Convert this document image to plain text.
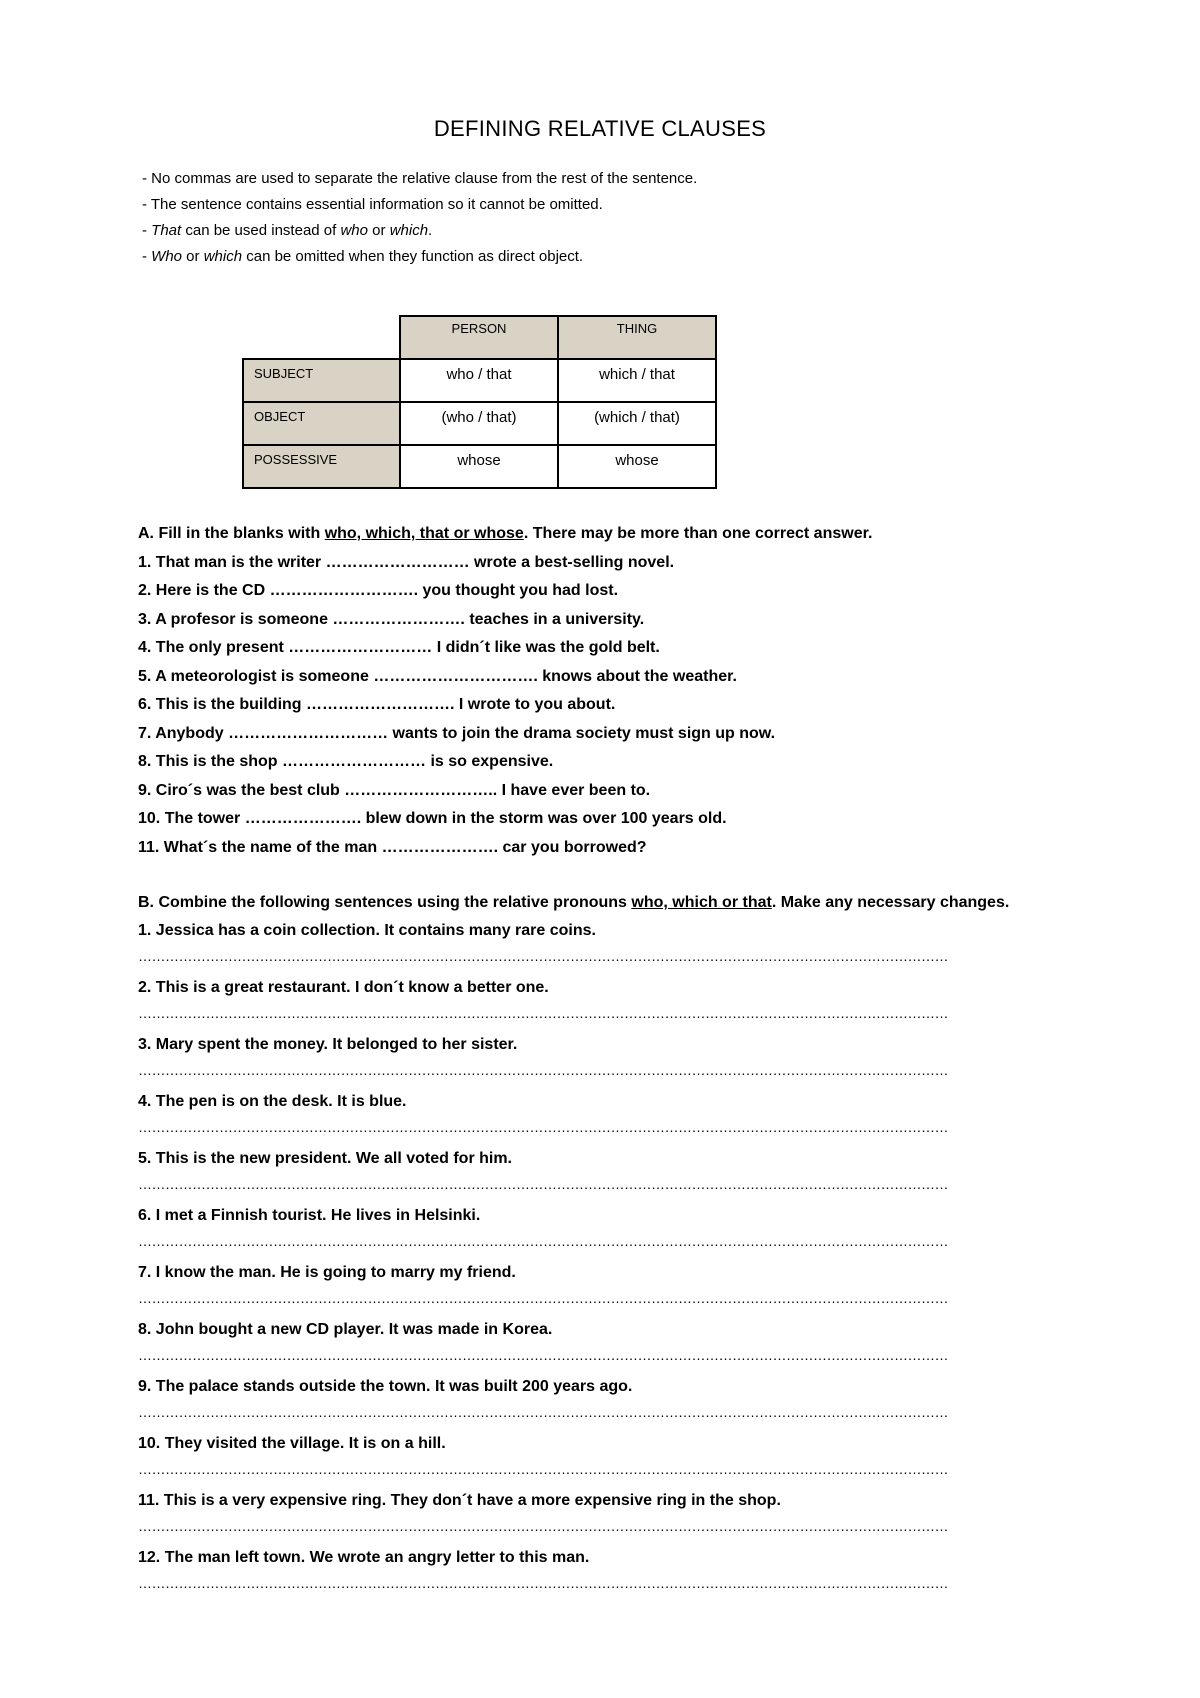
DEFINING RELATIVE CLAUSES
- No commas are used to separate the relative clause from the rest of the sentence.
- The sentence contains essential information so it cannot be omitted.
- That can be used instead of who or which.
- Who or which can be omitted when they function as direct object.
	PERSON	THING
SUBJECT	who / that	which / that
OBJECT	(who / that)	(which / that)
POSSESSIVE	whose	whose
A. Fill in the blanks with who, which, that or whose. There may be more than one correct answer.
1. That man is the writer ……………………… wrote a best-selling novel.
2. Here is the CD ………………………. you thought you had lost.
3. A profesor is someone ……………………. teaches in a university.
4. The only present ……………………… I didn´t like was the gold belt.
5. A meteorologist is someone …………………………. knows about the weather.
6. This is the building ………………………. I wrote to you about.
7. Anybody ………………………… wants to join the drama society must sign up now.
8. This is the shop ……………………… is so expensive.
9. Ciro´s was the best club ……………………….. I have ever been to.
10. The tower …………………. blew down in the storm was over 100 years old.
11. What´s the name of the man …………………. car you borrowed?
B. Combine the following sentences using the relative pronouns who, which or that. Make any necessary changes.
1. Jessica has a coin collection. It contains many rare coins.
………………………………………………………………………………………………………………………………………………………………
2. This is a great restaurant. I don´t know a better one.
………………………………………………………………………………………………………………………………………………………………
3. Mary spent the money. It belonged to her sister.
………………………………………………………………………………………………………………………………………………………………
4. The pen is on the desk. It is blue.
………………………………………………………………………………………………………………………………………………………………
5. This is the new president. We all voted for him.
………………………………………………………………………………………………………………………………………………………………
6. I met a Finnish tourist. He lives in Helsinki.
………………………………………………………………………………………………………………………………………………………………
7. I know the man. He is going to marry my friend.
………………………………………………………………………………………………………………………………………………………………
8. John bought a new CD player. It was made in Korea.
………………………………………………………………………………………………………………………………………………………………
9. The palace stands outside the town. It was built 200 years ago.
………………………………………………………………………………………………………………………………………………………………
10. They visited the village. It is on a hill.
………………………………………………………………………………………………………………………………………………………………
11. This is a very expensive ring. They don´t have a more expensive ring in the shop.
………………………………………………………………………………………………………………………………………………………………
12. The man left town. We wrote an angry letter to this man.
………………………………………………………………………………………………………………………………………………………………
